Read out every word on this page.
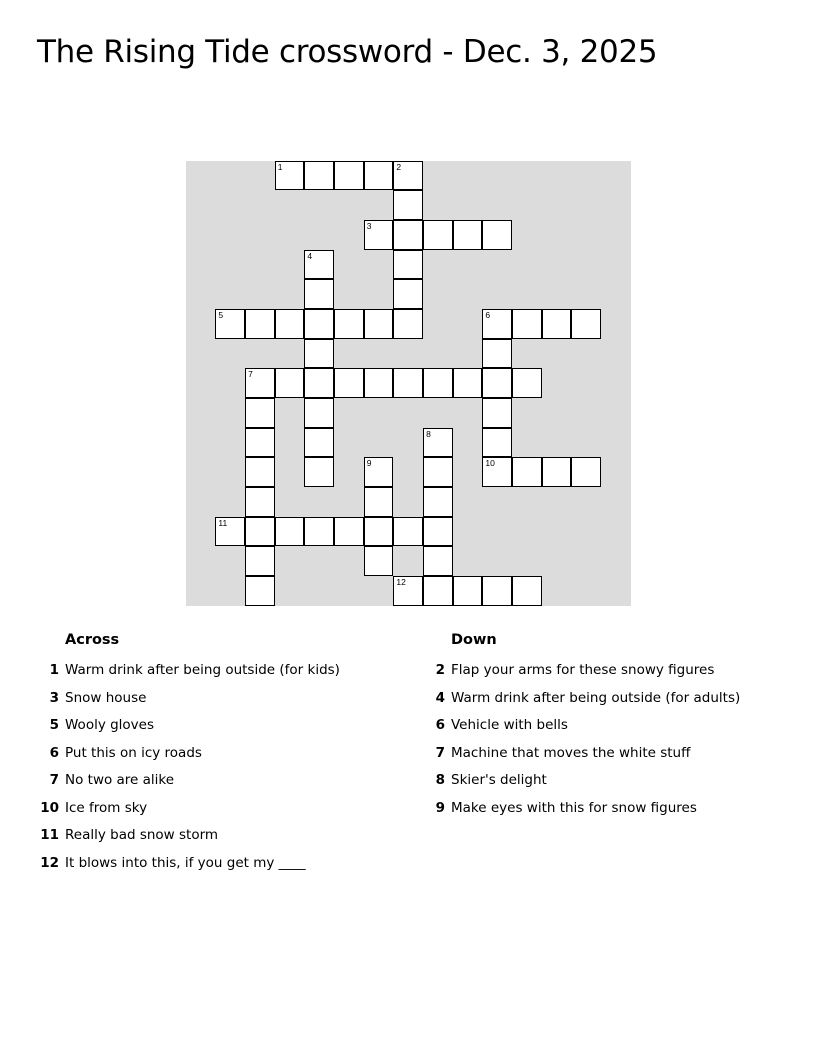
The Rising Tide crossword - Dec. 3, 2025
1	2
3
4
5	6
10
7
8
9
11
12
Across
1 Warm drink after being outside (for kids)
3 Snow house
5 Wooly gloves
6 Put this on icy roads
7 No two are alike
10 Ice from sky
11 Really bad snow storm
12 It blows into this, if you get my ____
Down
2 Flap your arms for these snowy figures
4 Warm drink after being outside (for adults)
6 Vehicle with bells
7 Machine that moves the white stuff
8 Skier's delight
9 Make eyes with this for snow figures
